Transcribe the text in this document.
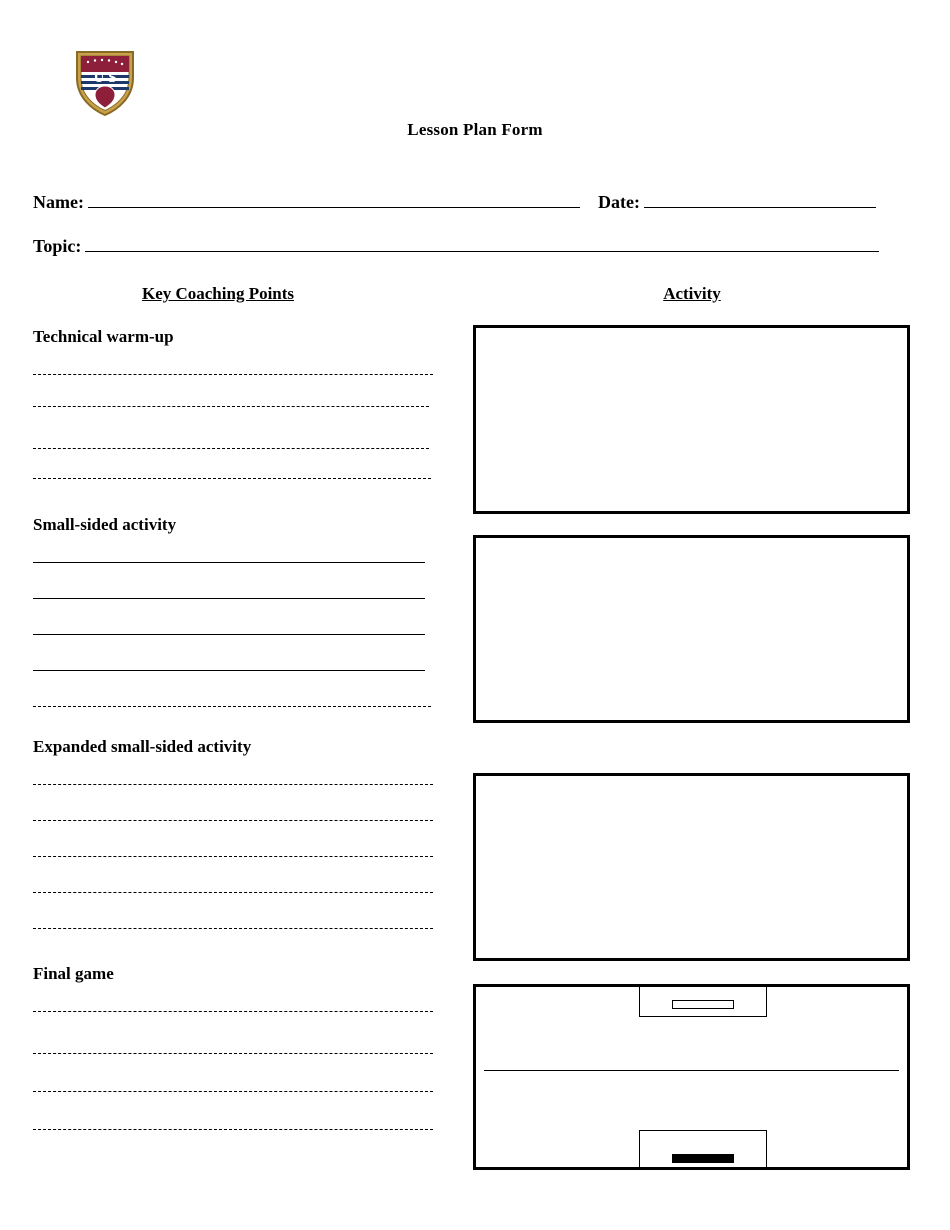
U S
Lesson Plan Form
Name:	Date:
Topic:
Key Coaching Points	Activity
Technical warm-up
Small-sided activity
Expanded small-sided activity
Final game
